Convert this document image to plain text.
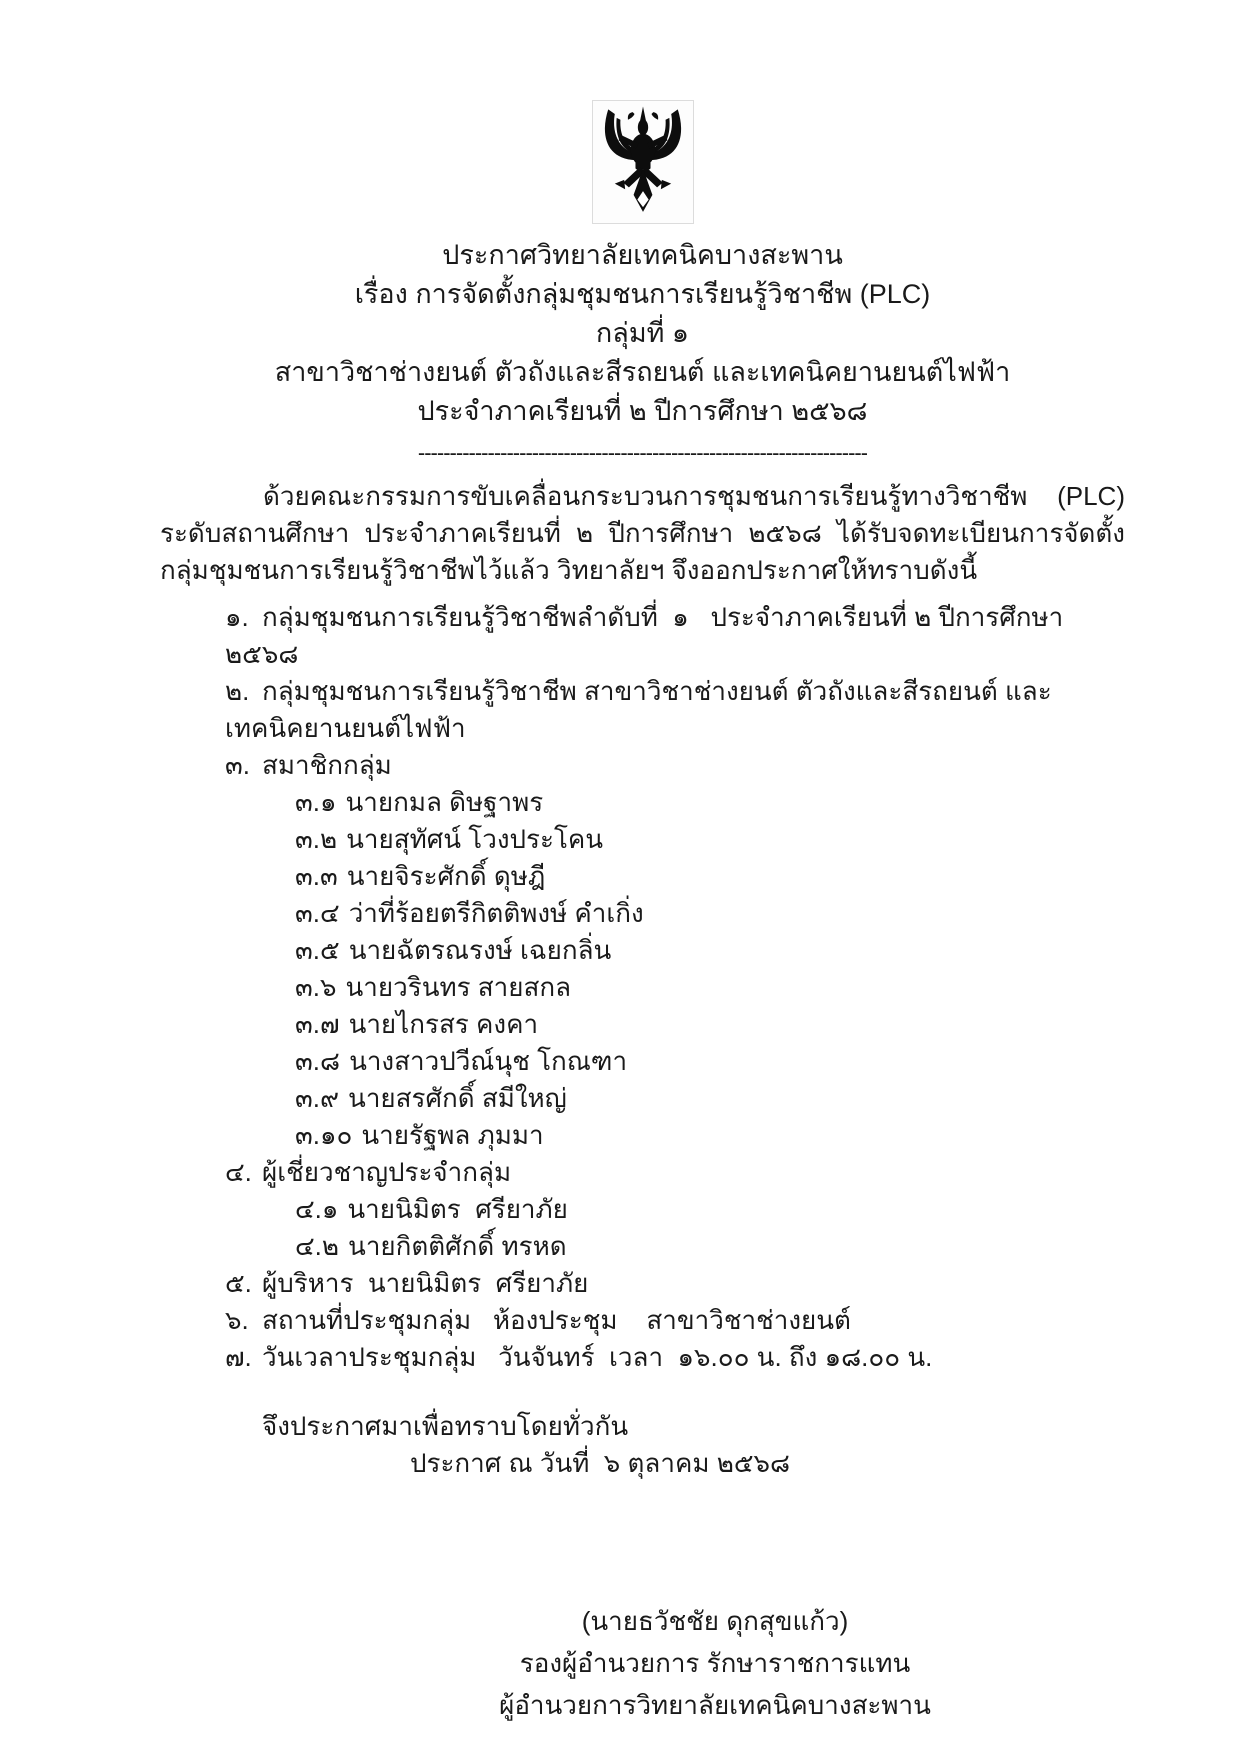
ประกาศวิทยาลัยเทคนิคบางสะพาน
เรื่อง การจัดตั้งกลุ่มชุมชนการเรียนรู้วิชาชีพ (PLC)
กลุ่มที่ ๑
สาขาวิชาช่างยนต์ ตัวถังและสีรถยนต์ และเทคนิคยานยนต์ไฟฟ้า
ประจำภาคเรียนที่ ๒ ปีการศึกษา ๒๕๖๘
-----------------------------------------------------------------------

ด้วยคณะกรรมการขับเคลื่อนกระบวนการชุมชนการเรียนรู้ทางวิชาชีพ (PLC) ระดับสถานศึกษา ประจำภาคเรียนที่ ๒ ปีการศึกษา ๒๕๖๘ ได้รับจดทะเบียนการจัดตั้งกลุ่มชุมชนการเรียนรู้วิชาชีพไว้แล้ว วิทยาลัยฯ จึงออกประกาศให้ทราบดังนี้

๑. กลุ่มชุมชนการเรียนรู้วิชาชีพลำดับที่  ๑   ประจำภาคเรียนที่ ๒ ปีการศึกษา ๒๕๖๘
๒. กลุ่มชุมชนการเรียนรู้วิชาชีพ สาขาวิชาช่างยนต์ ตัวถังและสีรถยนต์ และเทคนิคยานยนต์ไฟฟ้า
๓. สมาชิกกลุ่ม
๓.๑ นายกมล ดิษฐาพร
๓.๒ นายสุทัศน์ โวงประโคน
๓.๓ นายจิระศักดิ์ ดุษฎี
๓.๔ ว่าที่ร้อยตรีกิตติพงษ์ คำเกิ่ง
๓.๕ นายฉัตรณรงษ์ เฉยกลิ่น
๓.๖ นายวรินทร สายสกล
๓.๗ นายไกรสร คงคา
๓.๘ นางสาวปวีณ์นุช โกณฑา
๓.๙ นายสรศักดิ์ สมีใหญ่
๓.๑๐ นายรัฐพล ภุมมา
๔. ผู้เชี่ยวชาญประจำกลุ่ม
๔.๑ นายนิมิตร  ศรียาภัย
๔.๒ นายกิตติศักดิ์ ทรหด
๕. ผู้บริหาร  นายนิมิตร  ศรียาภัย
๖. สถานที่ประชุมกลุ่ม   ห้องประชุม    สาขาวิชาช่างยนต์
๗. วันเวลาประชุมกลุ่ม   วันจันทร์  เวลา  ๑๖.๐๐ น. ถึง ๑๘.๐๐ น.
จึงประกาศมาเพื่อทราบโดยทั่วกัน
ประกาศ ณ วันที่  ๖ ตุลาคม ๒๕๖๘
(นายธวัชชัย ดุกสุขแก้ว)
รองผู้อำนวยการ รักษาราชการแทน
ผู้อำนวยการวิทยาลัยเทคนิคบางสะพาน
